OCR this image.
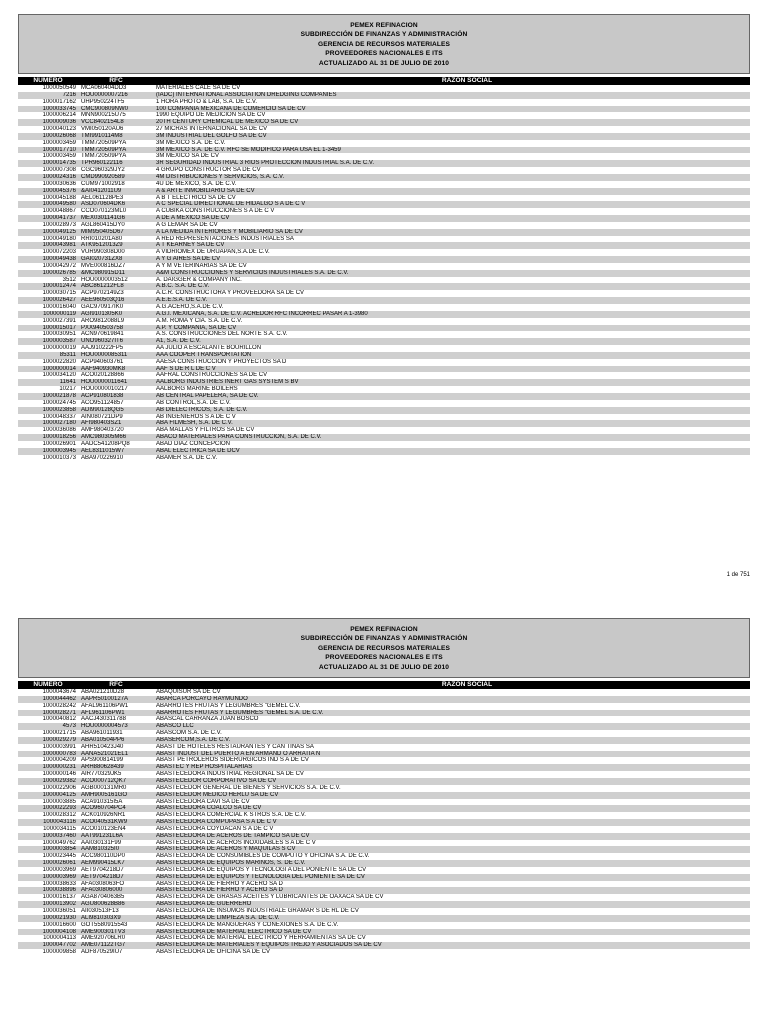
PEMEX REFINACION
SUBDIRECCIÓN DE FINANZAS Y ADMINISTRACIÓN
GERENCIA DE RECURSOS MATERIALES
PROVEEDORES NACIONALES E ITS
ACTUALIZADO AL 31 DE JULIO DE 2010
NUMERO	RFC	RAZON SOCIAL
1000050549 MCA060404DD3	MATERIALES CALE SA DE CV
7216 HOU0000007216	(IADC) INTERNATIONAL ASSOCIATION DREDGING COMPANIES
1000017162 UHP950224TF5	1 HORA PHOTO & LAB, S.A. DE C.V.
1000033745 CMC900809NW0	100 COMPANIA MEXICANA DE COMERCIO SA DE CV
1000006214 MNN900215U75	1990 EQUIPO DE MEDICION SA DE CV
1000009036 VCC8402154L8	20TH CENTURY CHEMICAL DE MEXICO SA DE CV
1000040123 VMI050120AU6	27 MICRAS INTERNACIONAL SA DE CV
1000026068 TMI9910114M8	3M INDUSTRIAL DEL GOLFO SA DE CV
1000003459 TMM720509PYA	3M MEXICO S.A. DE C.V.
1000017710 TMM720509PYA	3M MEXICO S.A. DE C.V. RFC SE MODIFICO PARA USA EL 1-3459
1000003459 TMM720509PYA	3M MEXICO SA DE CV
1000014735 TPR960122116	3R SEGURIDAD INDUSTRIAL 3 RIOS PROTECCION INDUSTRIAL S.A. DE C.V.
1000007308 CGC960329JY2	4 GRUPO CONSTRUCTOR SA DE CV
1000024316 CMD990920589	4M DISTRIBUCIONES Y SERVICIOS, S.A. C.V.
1000030636 CUM971002918	4U DE MEXICO, S.A. DE C.V.
1000045376 &AI0412011U9	A & ARTE INMOBILIARIO SA DE CV
1000045188 AEL061128PE3	A B T ELECTRICO SA DE CV
1000049580 ASD070604DK6	A C SPECIAL DIRECTIONAL DE HIDALGO S A DE C V
1000048867 CCO070123ML0	A CUBIKA CONSTRUCCIONES S A DE C V
1000041737 MEX0301141G6	A DE A MEXICO SA DE CV
1000028973 AGL860415DY0	A G LEMAR SA DE CV
1000049125 MIM950405D67	A LA MEDIDA INTERIORES Y MOBILIARIO SA DE CV
1000049180 RRI010201A80	A RED REPRESENTACIONES INDUSTRIALES SA
1000043981 ATK9512013Z9	A T KEARNEY SA DE CV
1000072203 VUR990308D00	A VIDRIOMEX DE URUAPAN,S.A.DE C.V.
1000049438 GAI020731ZX8	A Y G AIRES SA DE CV
1000042972 MVE000816DZ7	A Y M VETERINARIAS SA DE CV
1000026785 &MC980915D11	A&M CONSTRUCCIONES Y SERVICIOS INDUSTRIALES S.A. DE C.V.
3512 HOU0000003512	A. DAIGGER & COMPANY INC.
1000012474 ABC861212FL8	A.B.C. S.A. DE C.V.
1000030715 ACP9702149Z3	A.C.R. CONSTRUCTORA Y PROVEEDORA SA DE CV
1000026427 AEE960503Q16	A.E.E.S.A. DE C.V.
1000016040 GAC970917IK0	A.G.ACERO,S.A.DE C.V.
1000000119 AGI9101305K0	A.G.I. MEXICANA, S.A. DE C.V. ACREDOR RFC INCORREC PASAR A 1-3980
1000027391 ARO9812088L9	A.M. ROMA Y CIA. S.A. DE C.V.
1000015017 PXX940503758	A.P. Y COMPANIA, SA DE CV
1000030951 ACN970619841	A.S. CONSTRUCCIONES DEL NORTE S.A. C.V.
1000003587 UNO960327IT6	A1, S.A. DE C.V.
1000000019 AAJ910222FP5	AA JULIO A ESCALANTE BOURILLON
85311 HOU0000085311	AAA COOPER TRANSPORTATION
1000022820 ACP940603761	AAESA CONSTRUCCION Y PROYECTOS SA D
1000000014 AAF940930MK8	AAF S DE R L DE C V
1000034120 ACO020128866	AAFRAL CONSTRUCCIONES SA DE CV
11641 HOU0000011641	AALBORG INDUSTRIES INERT GAS SYSTEM S BV
10217 HOU0000010217	AALBORG MARINE BOILERS
1000021878 ACP910801838	AB CENTRAL PAPELERA, SA DE CV.
1000024745 ACO951124857	AB CONTROL,S.A. DE C.V.
1000023858 ADI990128QG5	AB DIELECTRICOS, S.A. DE C.V.
1000048337 AIN080721DP9	AB INGENIEROS S A DE C V
1000027180 AFI980403SZ1	ABA FILMESH, S.A. DE C.V.
1000036086 AMF980403720	ABA MALLAS Y FILTROS SA DE CV
1000018256 AMC980305M66	ABACO MATERIALES PARA CONSTRUCCION, S.A. DE C.V.
1000026901 AADC541208PQ8	ABAD DIAZ CONCEPCION
1000003945 AEL8311015W7	ABAL ELECTRICA SA DE DCV
1000010373 ABA970226910	ABAMER S.A. DE C.V.
1 de 751
PEMEX REFINACION
SUBDIRECCIÓN DE FINANZAS Y ADMINISTRACIÓN
GERENCIA DE RECURSOS MATERIALES
PROVEEDORES NACIONALES E ITS
ACTUALIZADO AL 31 DE JULIO DE 2010
NUMERO	RFC	RAZON SOCIAL
1000043674 ABA021210D28	ABAQUISUR SA DE CV
1000044462 AAPR50100127A	ABARCA PORCAYO RAYMUNDO
1000028242 AFAL961106PW1	ABARROTES FRUTAS Y LEGUMBRES "GEMEL C.V.
1000028271 AFL961106PW1	ABARROTES FRUTAS Y LEGUMBRES "GEMEL S.A. DE C.V.
1000040812 AACJ430311788	ABASCAL CARRANZA JUAN BOSCO
4573 HOU0000004573	ABASCO LLC
1000021715 ABA961011931	ABASCOM S.A. DE C.V.
1000029279 ABA010504PP6	ABASERCOM,S.A. DE C.V.
1000003991 AHR510423J40	ABAST DE HOTELES RESTAURANTES Y CAN TINAS SA
1000000783 AANA521021EL1	ABAST INDUST DEL PUERTO A EN ARMAND O ARRATIA N
1000004209 APS900814199	ABAST PETROLEROS SIDERURGICOS IND S A DE CV
1000000231 ARH880628439	ABASTEC Y REP HOSPITALARIAS
1000000146 AIR770329JK5	ABASTECEDORA INDUSTRIAL REGIONAL SA DE CV
1000029382 ACO000712QK7	ABASTECEDOR CORPORATIVO SA DE CV
1000022906 AGB000131MR0	ABASTECEDOR GENERAL DE BIENES Y SERVICIOS S.A. DE C.V.
1000004125 AMH9005161GO	ABASTECEDOR MEDICO HERLU SA DE CV
1000003885 ACA910315I5A	ABASTECEDORA CAVI SA DE CV
1000022293 ACO960704PC4	ABASTECEDORA COALCO SA DE CV
1000028312 ACK010926NR1	ABASTECEDORA COMERCIAL K STROS S.A. DE C.V.
1000043116 ACO040531KW9	ABASTECEDORA COMPUPASA S A DE C V
1000034115 ACO010123EN4	ABASTECEDORA COYOACAN S A DE C V
1000037460 AAT991231L6A	ABASTECEDORA DE ACEROS DE TAMPICO SA DE CV
1000049762 AAI030131F99	ABASTECEDORA DE ACEROS INOXIDABLES S A DE C V
1000003854 AAM810325I0	ABASTECEDORA DE ACEROS Y MAQUILAS S CV
1000023445 ACC980110DP0	ABASTECEDORA DE CONSUMIBLES DE COMPUTO Y OFICINA S.A. DE C.V.
1000026061 AEM990415LK7	ABASTECEDORA DE EQUIPOS MARINOS, S. DE C.V.
1000003969 AET9704218D7	ABASTECEDORA DE EQUIPOS Y TECNOLOGI A DEL PONIENTE SA DE CV
1000003969 AET9704218D7	ABASTECEDORA DE EQUIPOS Y TECNOLOGIA DEL PONIENTE SA DE CV
1000038633 AFA0308063FO	ABASTECEDORA DE FIERRO Y ACERO SA D
1000038896 AFA030806000	ABASTECEDORA DE FIERRO Y ACERO SA D
1000016137 AGA8704063B5	ABASTECEDORA DE GRASAS ACEITES Y LUBRICANTES DE OAXACA SA DE CV
1000013902 AGU800628B86	ABASTECEDORA DE GUERRERO
1000036051 AII030513F13	ABASTECEDORA DE INSUMOS INDUSTRIALE GRAMAR S DE RL DE CV
1000021930 ALI9810303X9	ABASTECEDORA DE LIMPIEZA S.A. DE C.V.
1000016600 GOT5580915543	ABASTECEDORA DE MANGUERAS Y CONEXIONES S.A. DE C.V.
1000004108 AME900301TV3	ABASTECEDORA DE MATERIAL ELECTRICO SA DE CV
1000004113 AME920706LR0	ABASTECEDORA DE MATERIAL ELECTRICO Y HERRAMIENTAS SA DE CV
1000047702 AME071122TG7	ABASTECEDORA DE MATERIALES Y EQUIPOS TREJO Y ASOCIADOS SA DE CV
1000009858 ADF870529IU7	ABASTECEDORA DE OFICINA SA DE CV
